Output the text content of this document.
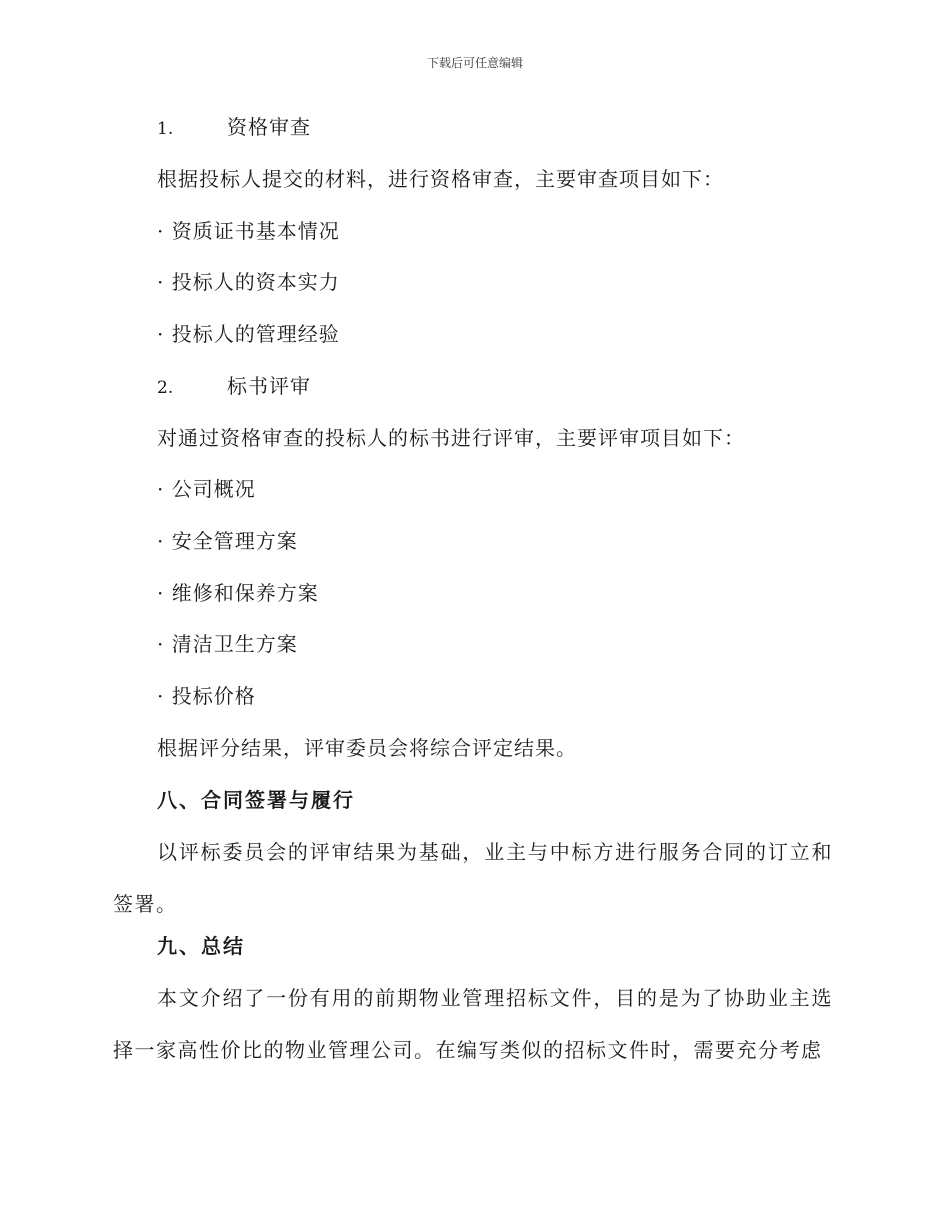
下载后可任意编辑
1.	资格审查
根据投标人提交的材料，进行资格审查，主要审查项目如下：
· 资质证书基本情况
· 投标人的资本实力
· 投标人的管理经验
2.	标书评审
对通过资格审查的投标人的标书进行评审，主要评审项目如下：
· 公司概况
· 安全管理方案
· 维修和保养方案
· 清洁卫生方案
· 投标价格
根据评分结果，评审委员会将综合评定结果。
八、合同签署与履行

以评标委员会的评审结果为基础，业主与中标方进行服务合同的订立和签署。

九、总结

本文介绍了一份有用的前期物业管理招标文件，目的是为了协助业主选择一家高性价比的物业管理公司。在编写类似的招标文件时，需要充分考虑
